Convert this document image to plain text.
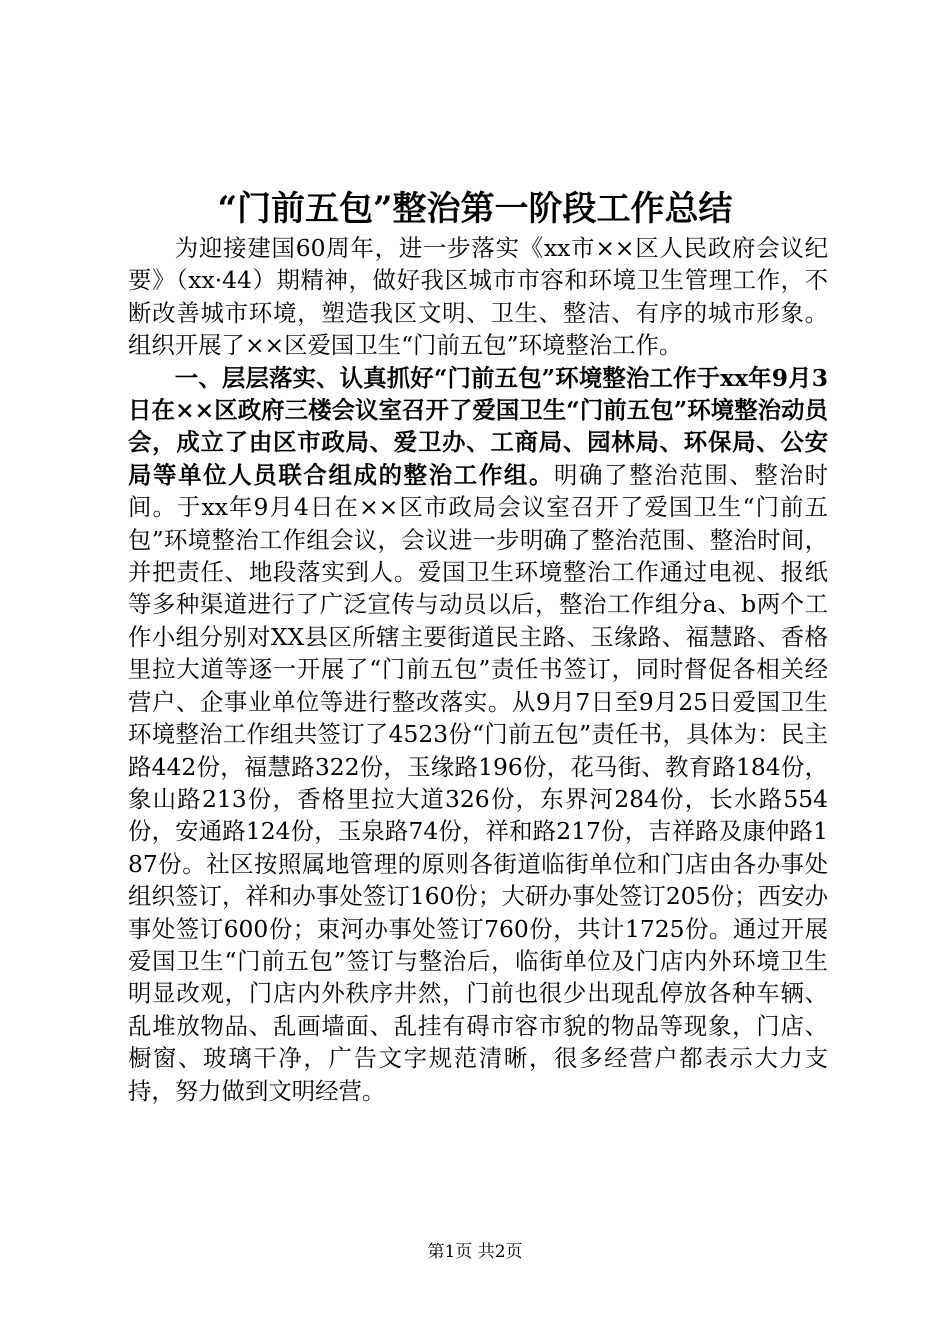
“门前五包”整治第一阶段工作总结

为迎接建国60周年，进一步落实《xx市××区人民政府会议纪要》（xx·44）期精神，做好我区城市市容和环境卫生管理工作，不断改善城市环境，塑造我区文明、卫生、整洁、有序的城市形象。组织开展了××区爱国卫生“门前五包”环境整治工作。

一、层层落实、认真抓好“门前五包”环境整治工作于xx年9月3日在××区政府三楼会议室召开了爱国卫生“门前五包”环境整治动员会，成立了由区市政局、爱卫办、工商局、园林局、环保局、公安局等单位人员联合组成的整治工作组。明确了整治范围、整治时间。于xx年9月4日在××区市政局会议室召开了爱国卫生“门前五包”环境整治工作组会议，会议进一步明确了整治范围、整治时间，并把责任、地段落实到人。爱国卫生环境整治工作通过电视、报纸等多种渠道进行了广泛宣传与动员以后，整治工作组分a、b两个工作小组分别对XX县区所辖主要街道民主路、玉缘路、福慧路、香格里拉大道等逐一开展了“门前五包”责任书签订，同时督促各相关经营户、企事业单位等进行整改落实。从9月7日至9月25日爱国卫生环境整治工作组共签订了4523份“门前五包”责任书，具体为：民主路442份，福慧路322份，玉缘路196份，花马街、教育路184份，象山路213份，香格里拉大道326份，东界河284份，长水路554份，安通路124份，玉泉路74份，祥和路217份，吉祥路及康仲路187份。社区按照属地管理的原则各街道临街单位和门店由各办事处组织签订，祥和办事处签订160份；大研办事处签订205份；西安办事处签订600份；束河办事处签订760份，共计1725份。通过开展爱国卫生“门前五包”签订与整治后，临街单位及门店内外环境卫生明显改观，门店内外秩序井然，门前也很少出现乱停放各种车辆、乱堆放物品、乱画墙面、乱挂有碍市容市貌的物品等现象，门店、橱窗、玻璃干净，广告文字规范清晰，很多经营户都表示大力支持，努力做到文明经营。

第1页 共2页
